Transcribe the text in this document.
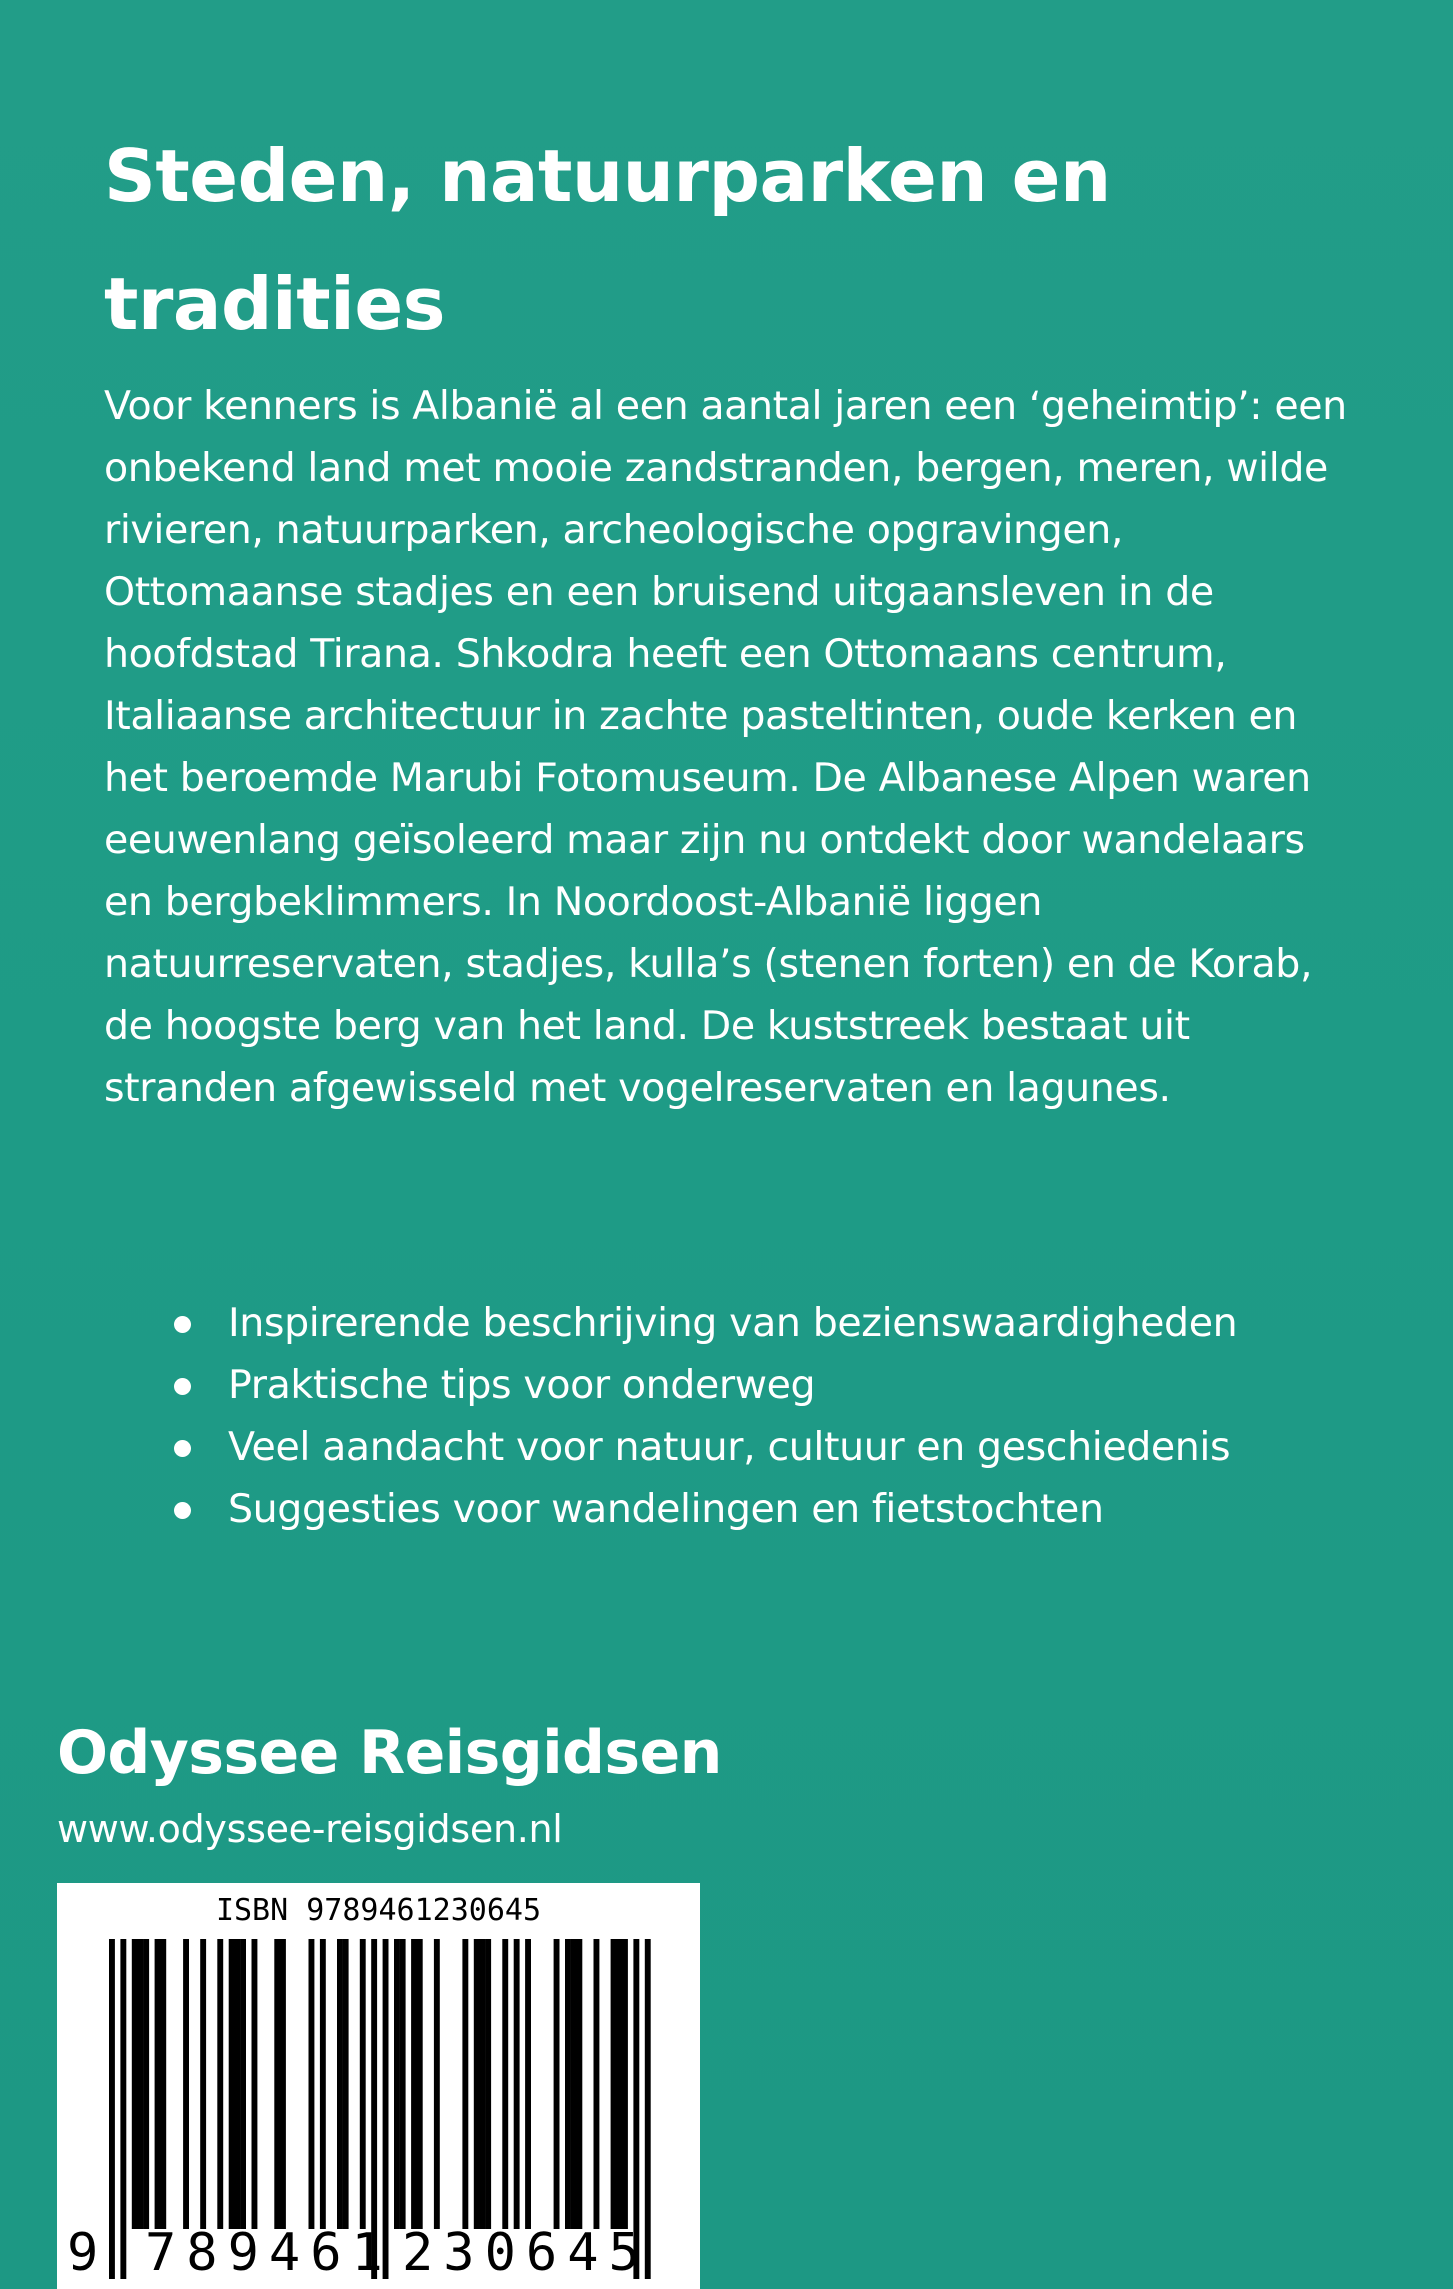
Steden, natuurparken en tradities

Voor kenners is Albanië al een aantal jaren een ‘geheimtip’: een onbekend land met mooie zandstranden, bergen, meren, wilde rivieren, natuurparken, archeologische opgravingen, Ottomaanse stadjes en een bruisend uitgaansleven in de hoofdstad Tirana. Shkodra heeft een Ottomaans centrum, Italiaanse architectuur in zachte pasteltinten, oude kerken en het beroemde Marubi Fotomuseum. De Albanese Alpen waren eeuwenlang geïsoleerd maar zijn nu ontdekt door wandelaars en bergbeklimmers. In Noordoost-Albanië liggen natuurreservaten, stadjes, kulla’s (stenen forten) en de Korab, de hoogste berg van het land. De kuststreek bestaat uit stranden afgewisseld met vogelreservaten en lagunes.

Inspirerende beschrijving van bezienswaardigheden
Praktische tips voor onderweg
Veel aandacht voor natuur, cultuur en geschiedenis
Suggesties voor wandelingen en fietstochten
Odyssee Reisgidsen
www.odyssee-reisgidsen.nl
ISBN 9789461230645
9 789461 230645
